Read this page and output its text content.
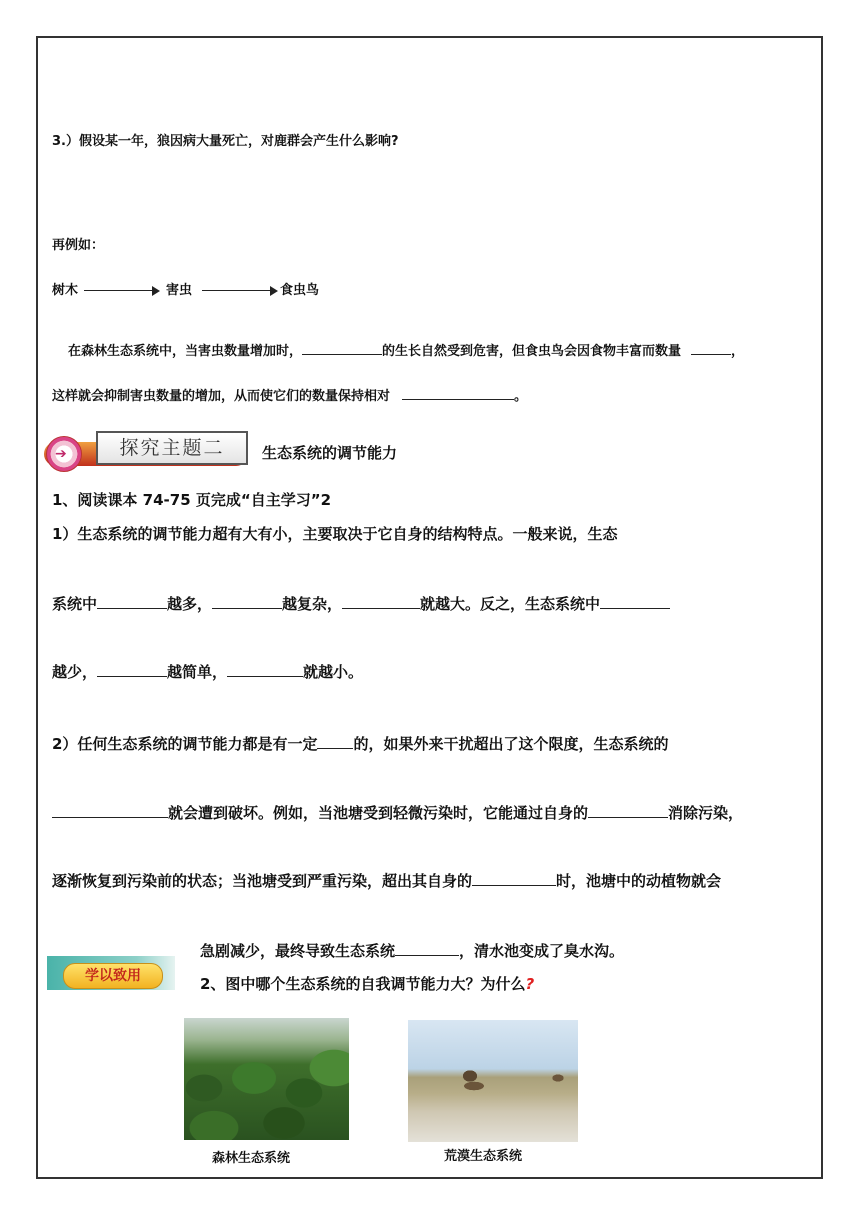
3.）假设某一年，狼因病大量死亡，对鹿群会产生什么影响?
再例如：
树木	害虫	食虫鸟
在森林生态系统中，当害虫数量增加时，	的生长自然受到危害，但食虫鸟会因食物丰富而数量	，
这样就会抑制害虫数量的增加，从而使它们的数量保持相对	。
➔	探究主题二	生态系统的调节能力
1、阅读课本 74-75 页完成“自主学习”2
1）生态系统的调节能力超有大有小，主要取决于它自身的结构特点。一般来说，生态
系统中	越多，	越复杂，	就越大。反之，生态系统中
越少，	越简单，	就越小。
2）任何生态系统的调节能力都是有一定 的，如果外来干扰超出了这个限度，生态系统的
就会遭到破坏。例如，当池塘受到轻微污染时，它能通过自身的	消除污染，
逐渐恢复到污染前的状态；当池塘受到严重污染，超出其自身的	时，池塘中的动植物就会
学以致用
急剧减少，最终导致生态系统	，清水池变成了臭水沟。
2、图中哪个生态系统的自我调节能力大？为什么?
森林生态系统	荒漠生态系统
